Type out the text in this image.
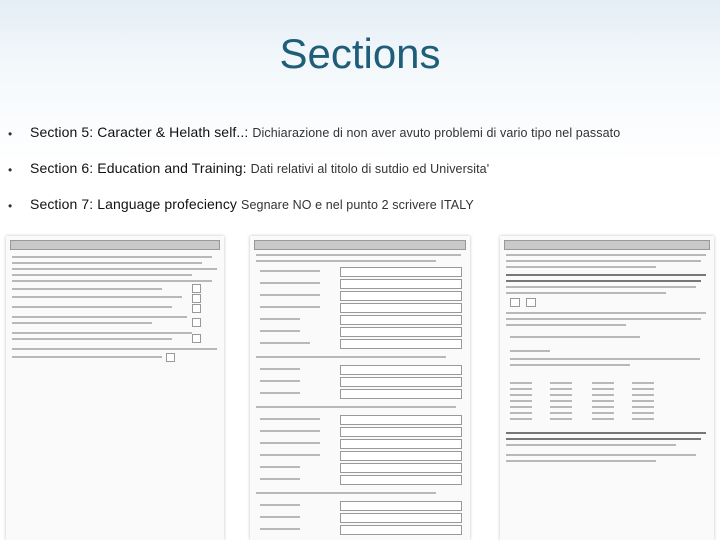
Sections
• Section 5: Caracter & Helath self..: Dichiarazione di non aver avuto problemi di vario tipo nel passato
• Section 6: Education and Training: Dati relativi al titolo di sutdio ed Universita'
• Section 7: Language profeciency Segnare NO e nel punto 2 scrivere ITALY
